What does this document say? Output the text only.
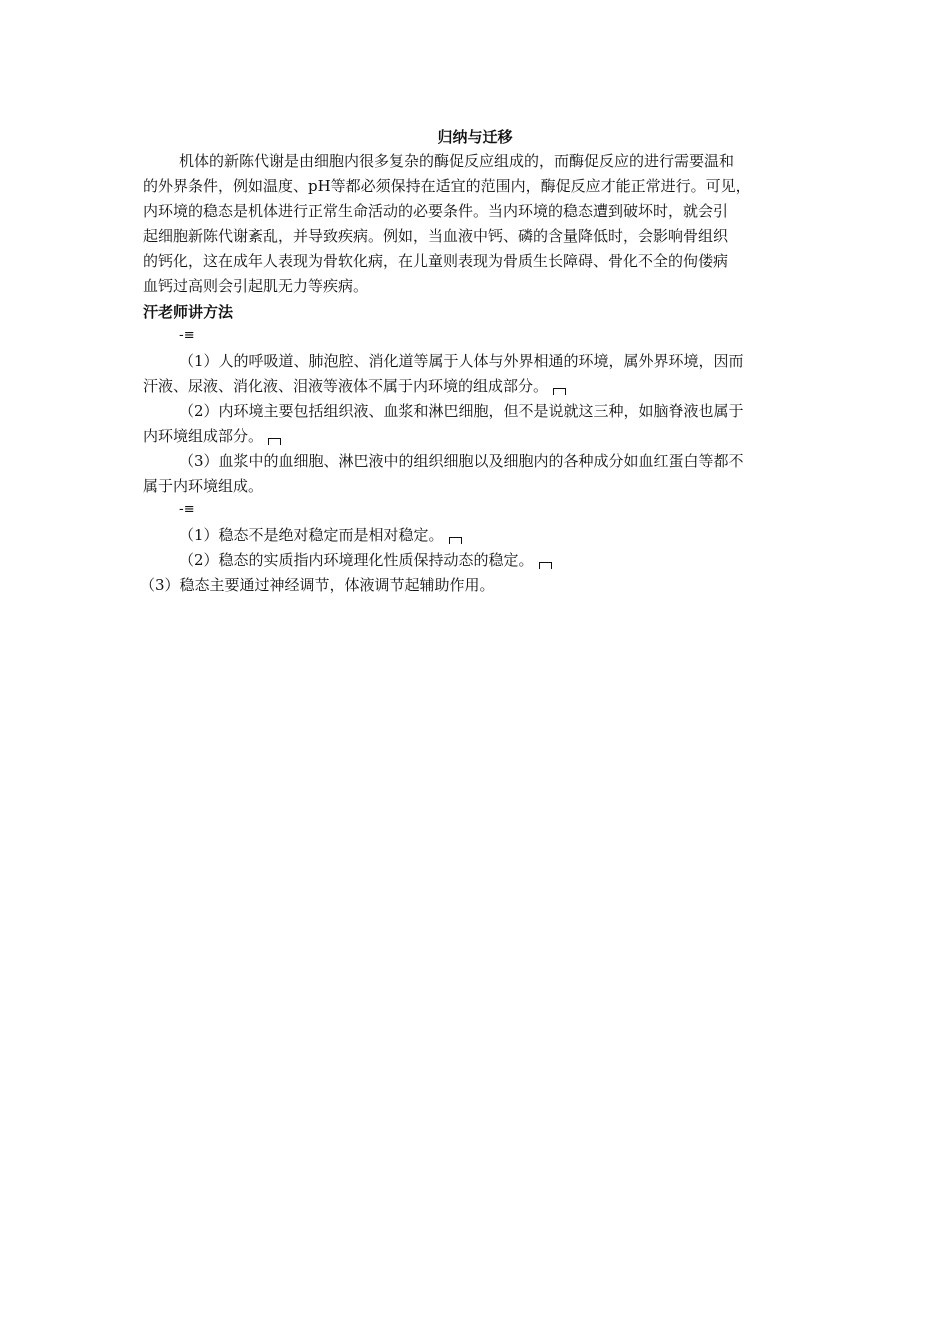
归纳与迁移
机体的新陈代谢是由细胞内很多复杂的酶促反应组成的，而酶促反应的进行需要温和
的外界条件，例如温度、pH等都必须保持在适宜的范围内，酶促反应才能正常进行。可见，
内环境的稳态是机体进行正常生命活动的必要条件。当内环境的稳态遭到破坏时，就会引
起细胞新陈代谢紊乱，并导致疾病。例如，当血液中钙、磷的含量降低时，会影响骨组织
的钙化，这在成年人表现为骨软化病，在儿童则表现为骨质生长障碍、骨化不全的佝偻病
血钙过高则会引起肌无力等疾病。
汗老师讲方法
-≡
（1）人的呼吸道、肺泡腔、消化道等属于人体与外界相通的环境，属外界环境，因而
汗液、尿液、消化液、泪液等液体不属于内环境的组成部分。
（2）内环境主要包括组织液、血浆和淋巴细胞，但不是说就这三种，如脑脊液也属于
内环境组成部分。
（3）血浆中的血细胞、淋巴液中的组织细胞以及细胞内的各种成分如血红蛋白等都不
属于内环境组成。
-≡
（1）稳态不是绝对稳定而是相对稳定。
（2）稳态的实质指内环境理化性质保持动态的稳定。
（3）稳态主要通过神经调节，体液调节起辅助作用。
